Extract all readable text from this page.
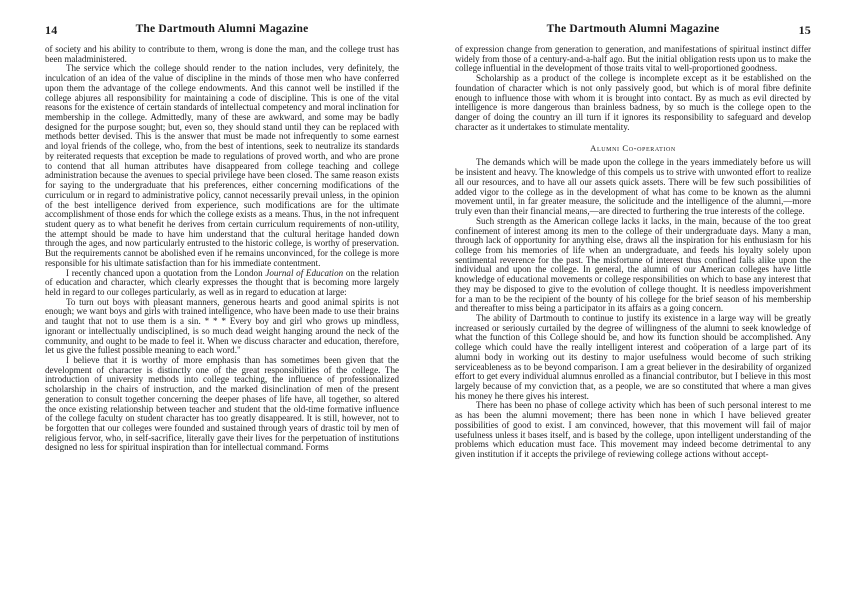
14	The Dartmouth Alumni Magazine

of society and his ability to contribute to them, wrong is done the man, and the college trust has been maladministered.

The service which the college should render to the nation includes, very definitely, the inculcation of an idea of the value of discipline in the minds of those men who have conferred upon them the advantage of the college endowments. And this cannot well be instilled if the college abjures all responsibility for maintaining a code of discipline. This is one of the vital reasons for the existence of certain standards of intellectual competency and moral inclination for membership in the college. Admittedly, many of these are awkward, and some may be badly designed for the purpose sought; but, even so, they should stand until they can be replaced with methods better devised. This is the answer that must be made not infrequently to some earnest and loyal friends of the college, who, from the best of intentions, seek to neutralize its standards by reiterated requests that exception be made to regulations of proved worth, and who are prone to contend that all human attributes have disappeared from college teaching and college administration because the avenues to special privilege have been closed. The same reason exists for saying to the undergraduate that his preferences, either concerning modifications of the curriculum or in regard to administrative policy, cannot necessarily prevail unless, in the opinion of the best intelligence derived from experience, such modifications are for the ultimate accomplishment of those ends for which the college exists as a means. Thus, in the not infrequent student query as to what benefit he derives from certain curriculum requirements of non-utility, the attempt should be made to have him understand that the cultural heritage handed down through the ages, and now particularly entrusted to the historic college, is worthy of preservation. But the requirements cannot be abolished even if he remains unconvinced, for the college is more responsible for his ultimate satisfaction than for his immediate contentment.

I recently chanced upon a quotation from the London Journal of Education on the relation of education and character, which clearly expresses the thought that is becoming more largely held in regard to our colleges particularly, as well as in regard to education at large:

To turn out boys with pleasant manners, generous hearts and good animal spirits is not enough; we want boys and girls with trained intelligence, who have been made to use their brains and taught that not to use them is a sin. * * * Every boy and girl who grows up mindless, ignorant or intellectually undisciplined, is so much dead weight hanging around the neck of the community, and ought to be made to feel it. When we discuss character and education, therefore, let us give the fullest possible meaning to each word."

I believe that it is worthy of more emphasis than has sometimes been given that the development of character is distinctly one of the great responsibilities of the college. The introduction of university methods into college teaching, the influence of professionalized scholarship in the chairs of instruction, and the marked disinclination of men of the present generation to consult together concerning the deeper phases of life have, all together, so altered the once existing relationship between teacher and student that the old-time formative influence of the college faculty on student character has too greatly disappeared. It is still, however, not to be forgotten that our colleges were founded and sustained through years of drastic toil by men of religious fervor, who, in self-sacrifice, literally gave their lives for the perpetuation of institutions designed no less for spiritual inspiration than for intellectual command. Forms

The Dartmouth Alumni Magazine	15

of expression change from generation to generation, and manifestations of spiritual instinct differ widely from those of a century-and-a-half ago. But the initial obligation rests upon us to make the college influential in the development of those traits vital to well-proportioned goodness.

Scholarship as a product of the college is incomplete except as it be established on the foundation of character which is not only passively good, but which is of moral fibre definite enough to influence those with whom it is brought into contact. By as much as evil directed by intelligence is more dangerous than brainless badness, by so much is the college open to the danger of doing the country an ill turn if it ignores its responsibility to safeguard and develop character as it undertakes to stimulate mentality.

Alumni Co-operation

The demands which will be made upon the college in the years immediately before us will be insistent and heavy. The knowledge of this compels us to strive with unwonted effort to realize all our resources, and to have all our assets quick assets. There will be few such possibilities of added vigor to the college as in the development of what has come to be known as the alumni movement until, in far greater measure, the solicitude and the intelligence of the alumni,—more truly even than their financial means,—are directed to furthering the true interests of the college.

Such strength as the American college lacks it lacks, in the main, because of the too great confinement of interest among its men to the college of their undergraduate days. Many a man, through lack of opportunity for anything else, draws all the inspiration for his enthusiasm for his college from his memories of life when an undergraduate, and feeds his loyalty solely upon sentimental reverence for the past. The misfortune of interest thus confined falls alike upon the individual and upon the college. In general, the alumni of our American colleges have little knowledge of educational movements or college responsibilities on which to base any interest that they may be disposed to give to the evolution of college thought. It is needless impoverishment for a man to be the recipient of the bounty of his college for the brief season of his membership and thereafter to miss being a participator in its affairs as a going concern.

The ability of Dartmouth to continue to justify its existence in a large way will be greatly increased or seriously curtailed by the degree of willingness of the alumni to seek knowledge of what the function of this College should be, and how its function should be accomplished. Any college which could have the really intelligent interest and coöperation of a large part of its alumni body in working out its destiny to major usefulness would become of such striking serviceableness as to be beyond comparison. I am a great believer in the desirability of organized effort to get every individual alumnus enrolled as a financial contributor, but I believe in this most largely because of my conviction that, as a people, we are so constituted that where a man gives his money he there gives his interest.

There has been no phase of college activity which has been of such personal interest to me as has been the alumni movement; there has been none in which I have believed greater possibilities of good to exist. I am convinced, however, that this movement will fail of major usefulness unless it bases itself, and is based by the college, upon intelligent understanding of the problems which education must face. This movement may indeed become detrimental to any given institution if it accepts the privilege of reviewing college actions without accept-
